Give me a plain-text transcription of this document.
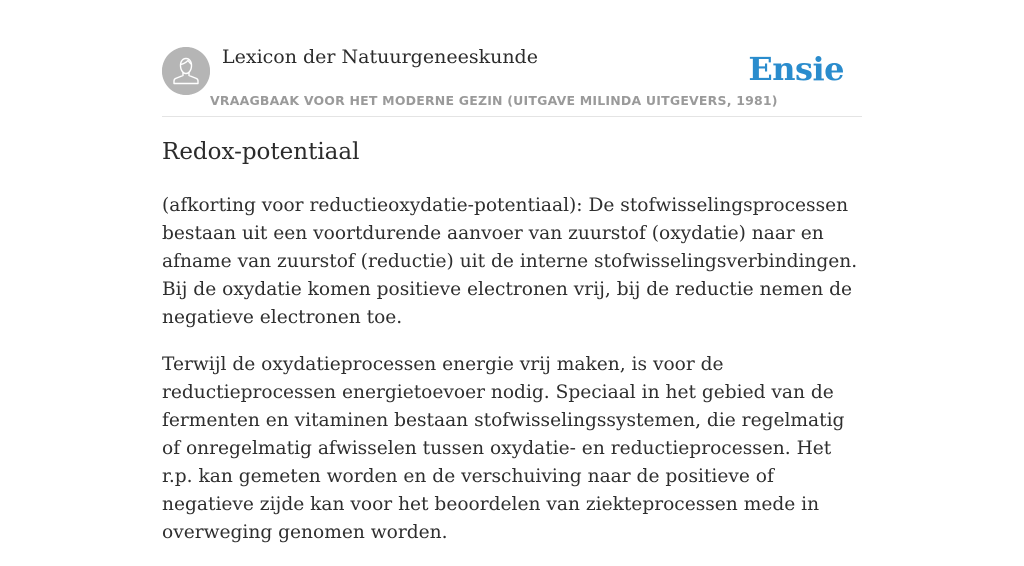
Lexicon der Natuurgeneeskunde
VRAAGBAAK VOOR HET MODERNE GEZIN (UITGAVE MILINDA UITGEVERS, 1981)
Ensie
Redox-potentiaal

(afkorting voor reductieoxydatie-potentiaal): De stofwisselingsprocessen bestaan uit een voortdurende aanvoer van zuurstof (oxydatie) naar en afname van zuurstof (reductie) uit de interne stofwisselingsverbindingen. Bij de oxydatie komen positieve electronen vrij, bij de reductie nemen de negatieve electronen toe.

Terwijl de oxydatieprocessen energie vrij maken, is voor de reductieprocessen energietoevoer nodig. Speciaal in het gebied van de fermenten en vitaminen bestaan stofwisselingssystemen, die regelmatig of onregelmatig afwisselen tussen oxydatie- en reductieprocessen. Het r.p. kan gemeten worden en de verschuiving naar de positieve of negatieve zijde kan voor het beoordelen van ziekteprocessen mede in overweging genomen worden.
